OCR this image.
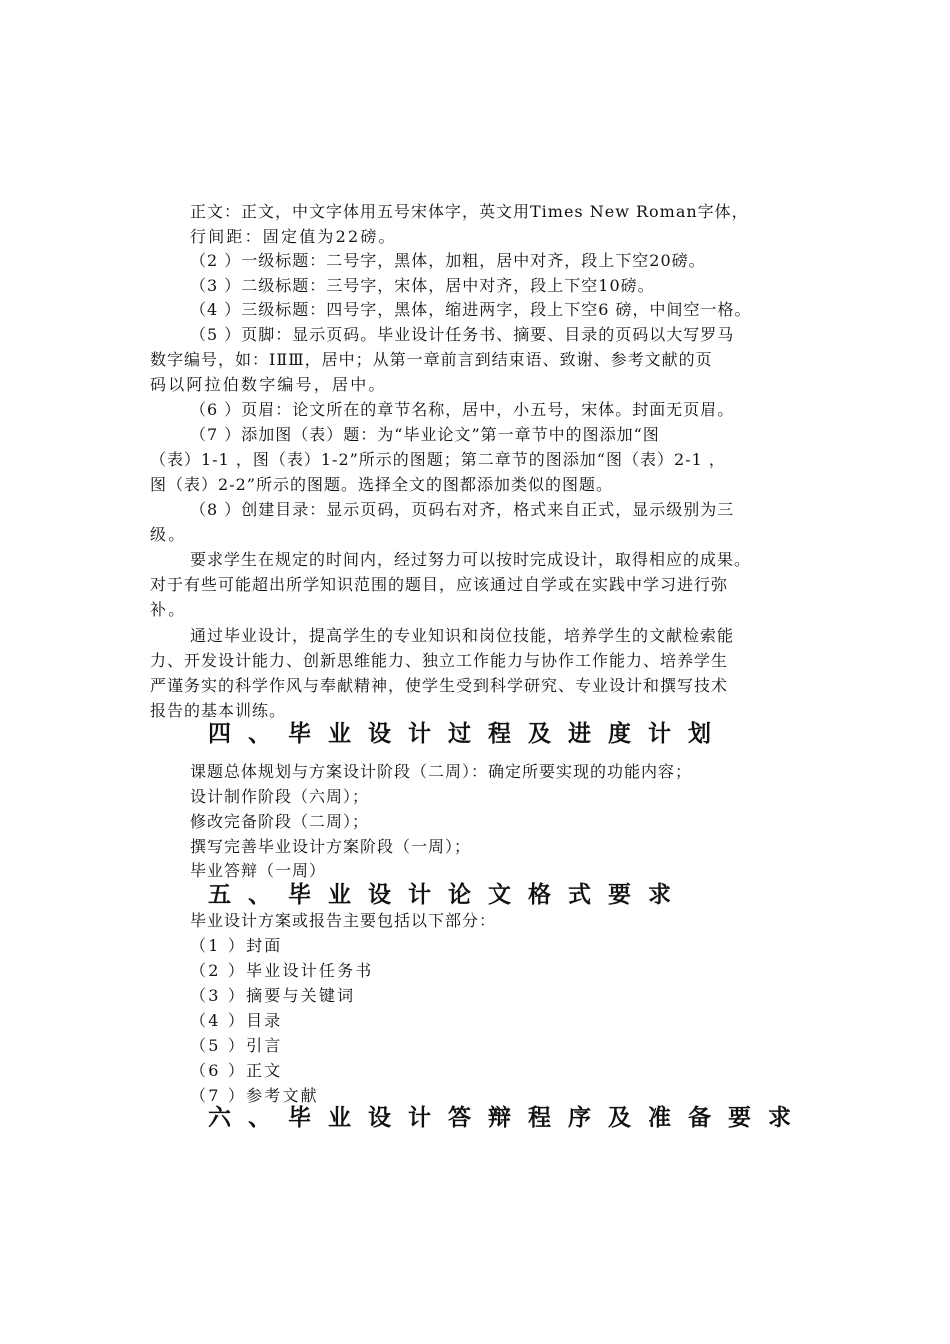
正文：正文，中文字体用五号宋体字，英文用Times New Roman字体，
行间距：固定值为22磅。
（2 ）一级标题：二号字，黑体，加粗，居中对齐，段上下空20磅。
（3 ）二级标题：三号字，宋体，居中对齐，段上下空10磅。
（4 ）三级标题：四号字，黑体，缩进两字，段上下空6 磅，中间空一格。
（5 ）页脚：显示页码。毕业设计任务书、摘要、目录的页码以大写罗马
数字编号，如：ⅠⅡⅢ，居中；从第一章前言到结束语、致谢、参考文献的页
码以阿拉伯数字编号，居中。
（6 ）页眉：论文所在的章节名称，居中，小五号，宋体。封面无页眉。
（7 ）添加图（表）题：为“毕业论文”第一章节中的图添加“图
（表）1-1 ，图（表）1-2”所示的图题；第二章节的图添加“图（表）2-1 ，
图（表）2-2”所示的图题。选择全文的图都添加类似的图题。
（8 ）创建目录：显示页码，页码右对齐，格式来自正式，显示级别为三
级。
要求学生在规定的时间内，经过努力可以按时完成设计，取得相应的成果。
对于有些可能超出所学知识范围的题目，应该通过自学或在实践中学习进行弥
补。
通过毕业设计，提高学生的专业知识和岗位技能，培养学生的文献检索能
力、开发设计能力、创新思维能力、独立工作能力与协作工作能力、培养学生
严谨务实的科学作风与奉献精神，使学生受到科学研究、专业设计和撰写技术
报告的基本训练。
四、毕业设计过程及进度计划
课题总体规划与方案设计阶段（二周）：确定所要实现的功能内容；
设计制作阶段（六周）；
修改完备阶段（二周）；
撰写完善毕业设计方案阶段（一周）；
毕业答辩（一周）
五、毕业设计论文格式要求
毕业设计方案或报告主要包括以下部分：
（1 ）封面
（2 ）毕业设计任务书
（3 ）摘要与关键词
（4 ）目录
（5 ）引言
（6 ）正文
（7 ）参考文献
六、毕业设计答辩程序及准备要求
